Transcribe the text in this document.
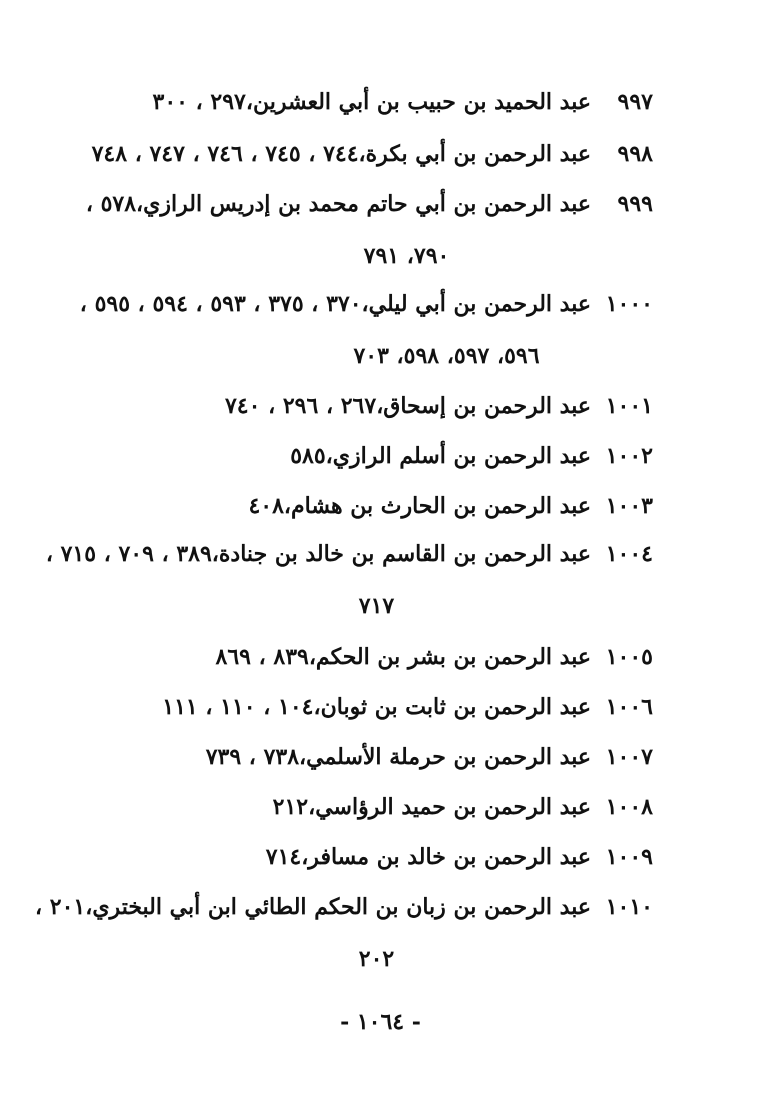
٩٩٧عبد الحميد بن حبيب بن أبي العشرين،٢٩٧ ، ٣٠٠
٩٩٨عبد الرحمن بن أبي بكرة،٧٤٤ ، ٧٤٥ ، ٧٤٦ ، ٧٤٧ ، ٧٤٨
٩٩٩عبد الرحمن بن أبي حاتم محمد بن إدريس الرازي،٥٧٨ ،
٧٩٠، ٧٩١
١٠٠٠عبد الرحمن بن أبي ليلي،٣٧٠ ، ٣٧٥ ، ٥٩٣ ، ٥٩٤ ، ٥٩٥ ،
٥٩٦، ٥٩٧، ٥٩٨، ٧٠٣
١٠٠١عبد الرحمن بن إسحاق،٢٦٧ ، ٢٩٦ ، ٧٤٠
١٠٠٢عبد الرحمن بن أسلم الرازي،٥٨٥
١٠٠٣عبد الرحمن بن الحارث بن هشام،٤٠٨
١٠٠٤عبد الرحمن بن القاسم بن خالد بن جنادة،٣٨٩ ، ٧٠٩ ، ٧١٥ ،
٧١٧
١٠٠٥عبد الرحمن بن بشر بن الحكم،٨٣٩ ، ٨٦٩
١٠٠٦عبد الرحمن بن ثابت بن ثوبان،١٠٤ ، ١١٠ ، ١١١
١٠٠٧عبد الرحمن بن حرملة الأسلمي،٧٣٨ ، ٧٣٩
١٠٠٨عبد الرحمن بن حميد الرؤاسي،٢١٢
١٠٠٩عبد الرحمن بن خالد بن مسافر،٧١٤
١٠١٠عبد الرحمن بن زبان بن الحكم الطائي ابن أبي البختري،٢٠١ ،
٢٠٢
- ١٠٦٤ -
